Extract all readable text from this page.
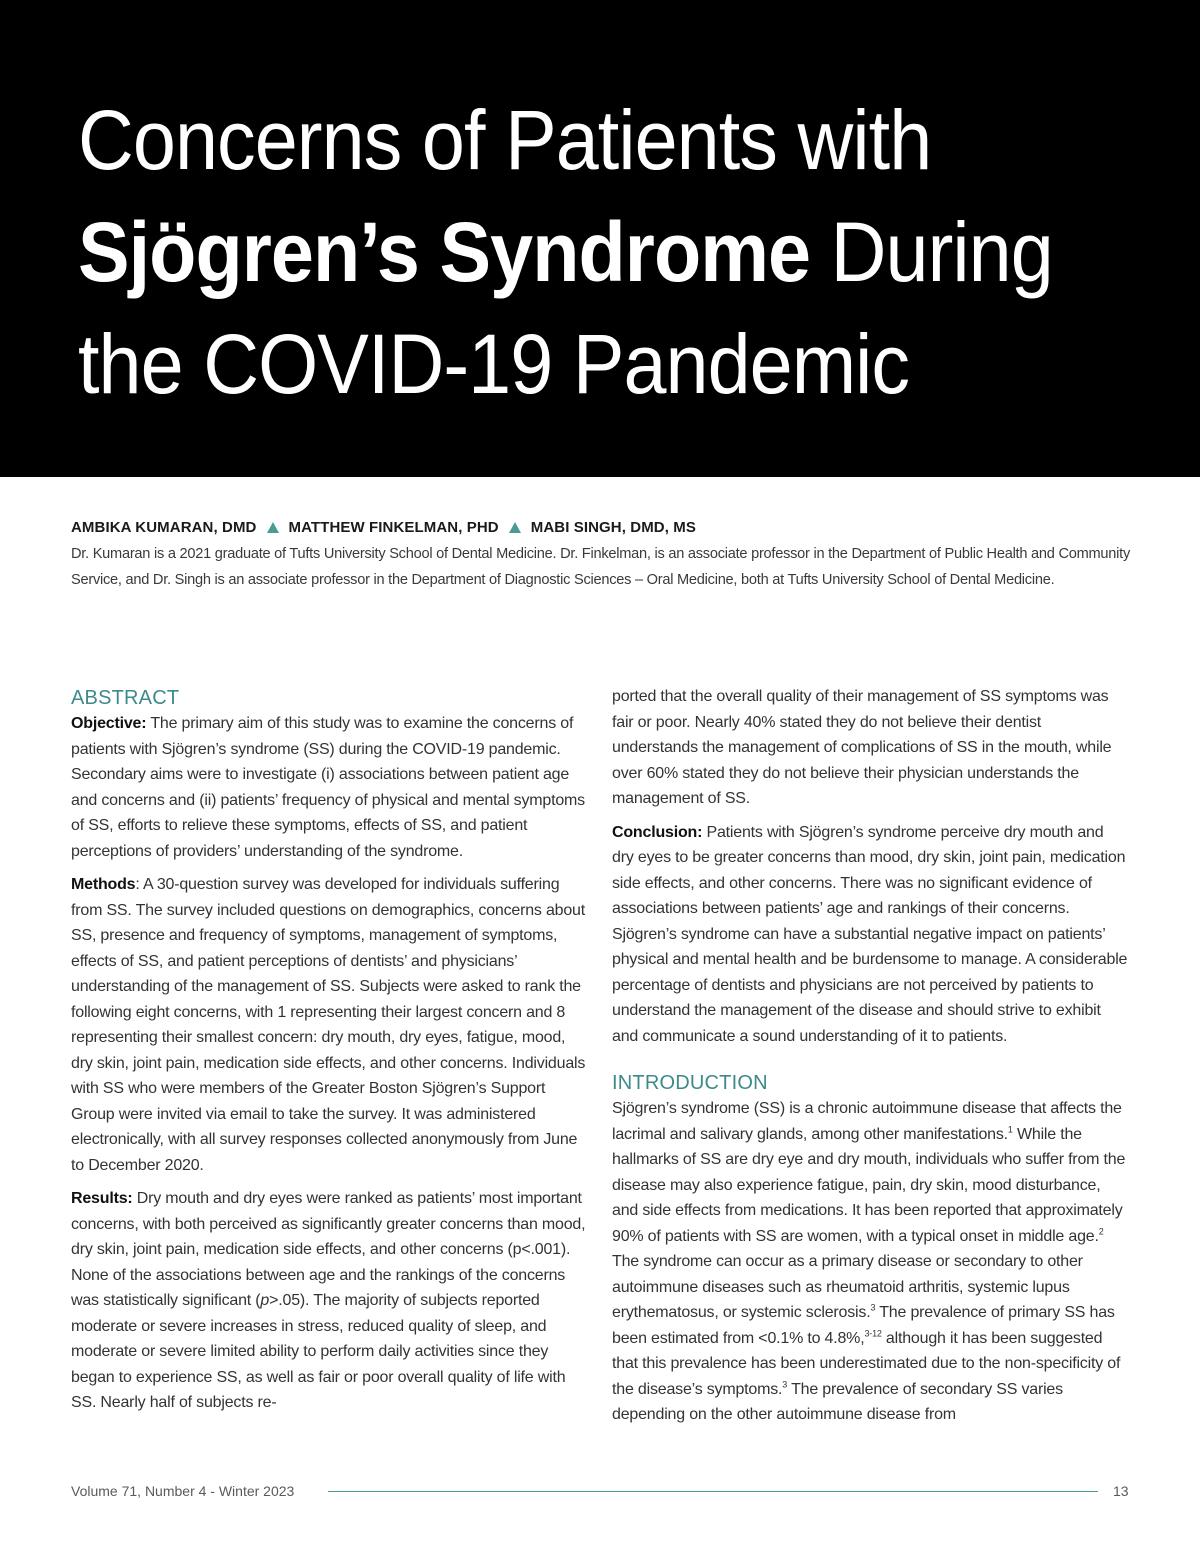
Concerns of Patients with
Sjögren’s Syndrome During
the COVID-19 Pandemic
AMBIKA KUMARAN, DMD MATTHEW FINKELMAN, PHD MABI SINGH, DMD, MS
Dr. Kumaran is a 2021 graduate of Tufts University School of Dental Medicine. Dr. Finkelman, is an associate professor in the Department of Public Health and Community Service, and Dr. Singh is an associate professor in the Department of Diagnostic Sciences – Oral Medicine, both at Tufts University School of Dental Medicine.
ABSTRACT

Objective: The primary aim of this study was to examine the concerns of patients with Sjögren’s syndrome (SS) during the COVID-19 pandemic. Secondary aims were to investigate (i) associations between patient age and concerns and (ii) patients’ frequency of physical and mental symptoms of SS, efforts to relieve these symptoms, effects of SS, and patient perceptions of providers’ understanding of the syndrome.

Methods: A 30-question survey was developed for individuals suffering from SS. The survey included questions on demographics, concerns about SS, presence and frequency of symptoms, management of symptoms, effects of SS, and patient perceptions of dentists’ and physicians’ understanding of the management of SS. Subjects were asked to rank the following eight concerns, with 1 representing their largest concern and 8 representing their smallest concern: dry mouth, dry eyes, fatigue, mood, dry skin, joint pain, medication side effects, and other concerns. Individuals with SS who were members of the Greater Boston Sjögren’s Support Group were invited via email to take the survey. It was administered electronically, with all survey responses collected anonymously from June to December 2020.

Results: Dry mouth and dry eyes were ranked as patients’ most important concerns, with both perceived as significantly greater concerns than mood, dry skin, joint pain, medication side effects, and other concerns (p<.001). None of the associations between age and the rankings of the concerns was statistically significant (p>.05). The majority of subjects reported moderate or severe increases in stress, reduced quality of sleep, and moderate or severe limited ability to perform daily activities since they began to experience SS, as well as fair or poor overall quality of life with SS. Nearly half of subjects re-

ported that the overall quality of their management of SS symptoms was fair or poor. Nearly 40% stated they do not believe their dentist understands the management of complications of SS in the mouth, while over 60% stated they do not believe their physician understands the management of SS.

Conclusion: Patients with Sjögren’s syndrome perceive dry mouth and dry eyes to be greater concerns than mood, dry skin, joint pain, medication side effects, and other concerns. There was no significant evidence of associations between patients’ age and rankings of their concerns. Sjögren’s syndrome can have a substantial negative impact on patients’ physical and mental health and be burdensome to manage. A considerable percentage of dentists and physicians are not perceived by patients to understand the management of the disease and should strive to exhibit and communicate a sound understanding of it to patients.

INTRODUCTION

Sjögren’s syndrome (SS) is a chronic autoimmune disease that affects the lacrimal and salivary glands, among other manifestations.$^1$ While the hallmarks of SS are dry eye and dry mouth, individuals who suffer from the disease may also experience fatigue, pain, dry skin, mood disturbance, and side effects from medications. It has been reported that approximately 90% of patients with SS are women, with a typical onset in middle age.$^2$ The syndrome can occur as a primary disease or secondary to other autoimmune diseases such as rheumatoid arthritis, systemic lupus erythematosus, or systemic sclerosis.$^3$ The prevalence of primary SS has been estimated from <0.1% to 4.8%,$^{3-12}$ although it has been suggested that this prevalence has been underestimated due to the non-specificity of the disease’s symptoms.$^3$ The prevalence of secondary SS varies depending on the other autoimmune disease from

Volume 71, Number 4 - Winter 2023	13
